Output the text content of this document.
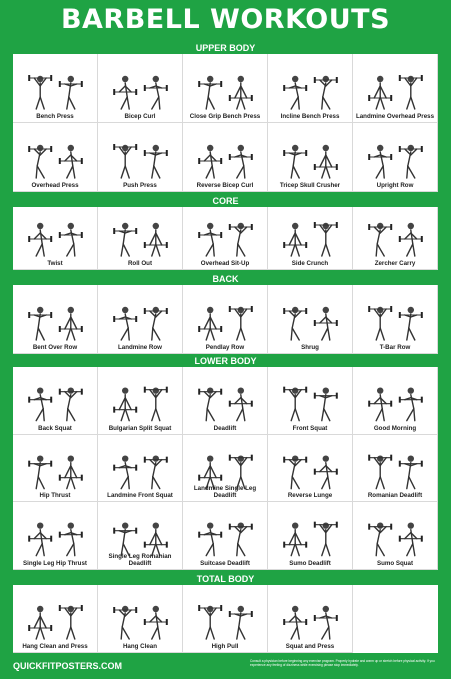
BARBELL WORKOUTS
UPPER BODY
Bench Press	Bicep Curl	Close Grip Bench Press	Incline Bench Press	Landmine Overhead Press
Overhead Press	Push Press	Reverse Bicep Curl	Tricep Skull Crusher	Upright Row
CORE
Twist	Roll Out	Overhead Sit-Up	Side Crunch	Zercher Carry
BACK
Bent Over Row	Landmine Row	Pendlay Row	Shrug	T-Bar Row
LOWER BODY
Back Squat	Bulgarian Split Squat	Deadlift	Front Squat	Good Morning
Hip Thrust	Landmine Front Squat
Landmine Single Leg Deadlift	Reverse Lunge	Romanian Deadlift
Single Leg Hip Thrust
Single Leg Romanian Deadlift	Suitcase Deadlift	Sumo Deadlift	Sumo Squat
TOTAL BODY
Hang Clean and Press	Hang Clean	High Pull	Squat and Press
QUICKFITPOSTERS.COM	Consult a physician before beginning any exercise program. Properly hydrate and warm up or stretch before physical activity. If you experience any feeling of dizziness while exercising please stop immediately.
